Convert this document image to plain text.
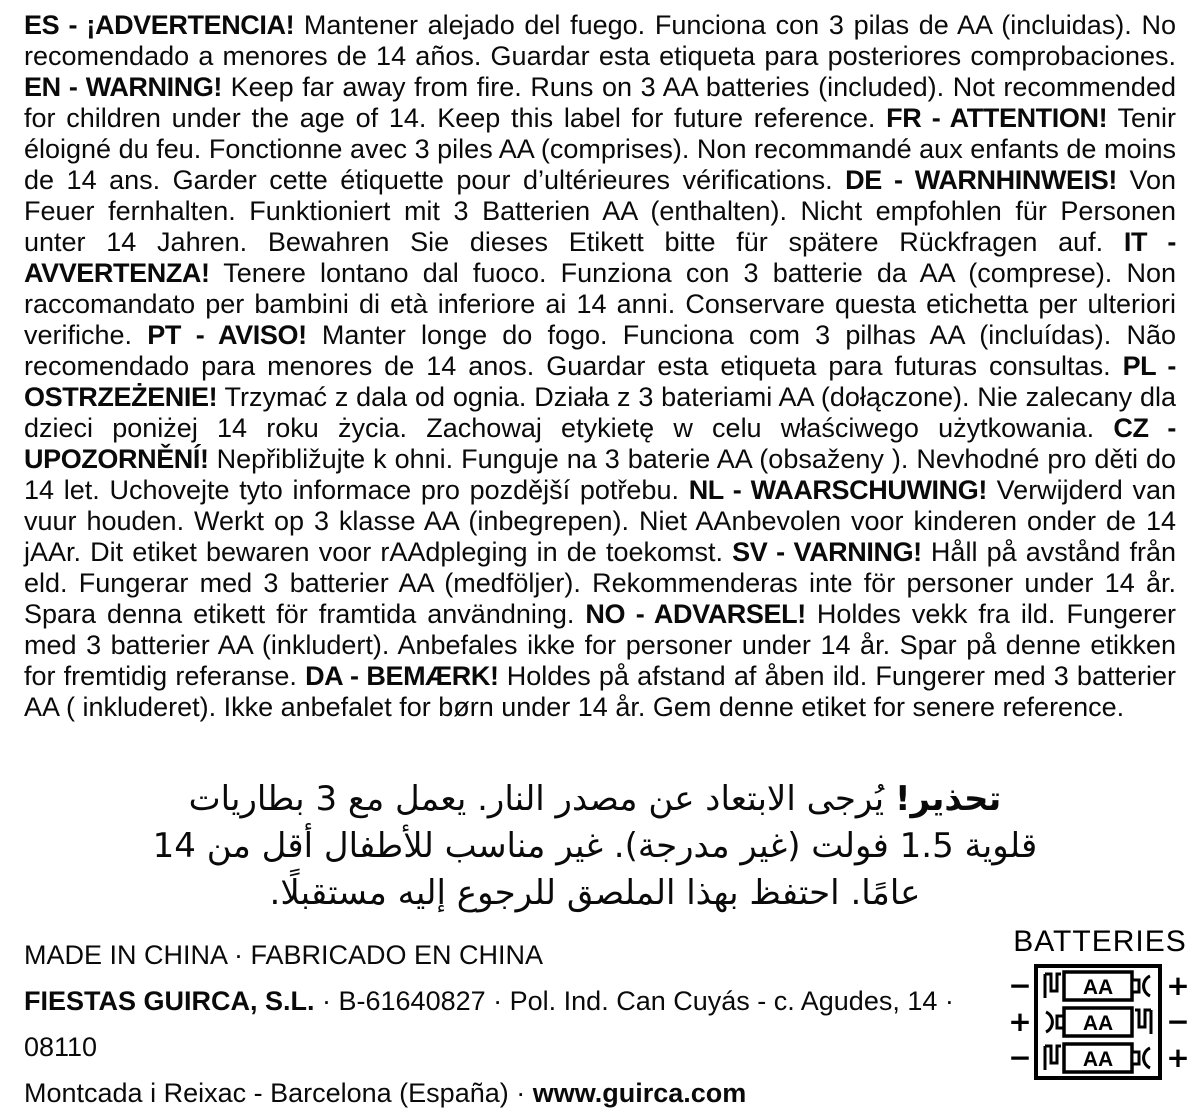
ES - ¡ADVERTENCIA! Mantener alejado del fuego. Funciona con 3 pilas de AA (incluidas). No recomendado a menores de 14 años. Guardar esta etiqueta para posteriores comprobaciones. EN - WARNING! Keep far away from fire. Runs on 3 AA batteries (included). Not recommended for children under the age of 14. Keep this label for future reference. FR - ATTENTION! Tenir éloigné du feu. Fonctionne avec 3 piles AA (comprises). Non recommandé aux enfants de moins de 14 ans. Garder cette étiquette pour d’ultérieures vérifications. DE - WARNHINWEIS! Von Feuer fernhalten. Funktioniert mit 3 Batterien AA (enthalten). Nicht empfohlen für Personen unter 14 Jahren. Bewahren Sie dieses Etikett bitte für spätere Rückfragen auf. IT - AVVERTENZA! Tenere lontano dal fuoco. Funziona con 3 batterie da AA (comprese). Non raccomandato per bambini di età inferiore ai 14 anni. Conservare questa etichetta per ulteriori verifiche. PT - AVISO! Manter longe do fogo. Funciona com 3 pilhas AA (incluídas). Não recomendado para menores de 14 anos. Guardar esta etiqueta para futuras consultas. PL - OSTRZEŻENIE! Trzymać z dala od ognia. Działa z 3 bateriami AA (dołączone). Nie zalecany dla dzieci poniżej 14 roku życia. Zachowaj etykietę w celu właściwego użytkowania. CZ - UPOZORNĚNÍ! Nepřibližujte k ohni. Funguje na 3 baterie AA (obsaženy ). Nevhodné pro děti do 14 let. Uchovejte tyto informace pro pozdější potřebu. NL - WAARSCHUWING! Verwijderd van vuur houden. Werkt op 3 klasse AA (inbegrepen). Niet AAnbevolen voor kinderen onder de 14 jAAr. Dit etiket bewaren voor rAAdpleging in de toekomst. SV - VARNING! Håll på avstånd från eld. Fungerar med 3 batterier AA (medföljer). Rekommenderas inte för personer under 14 år. Spara denna etikett för framtida användning. NO - ADVARSEL! Holdes vekk fra ild. Fungerer med 3 batterier AA (inkludert). Anbefales ikke for personer under 14 år. Spar på denne etikken for fremtidig referanse. DA - BEMÆRK! Holdes på afstand af åben ild. Fungerer med 3 batterier AA ( inkluderet). Ikke anbefalet for børn under 14 år. Gem denne etiket for senere reference.
تحذير! يُرجى الابتعاد عن مصدر النار. يعمل مع 3 بطاريات
قلوية 1.5 فولت (غير مدرجة). غير مناسب للأطفال أقل من 14
عامًا. احتفظ بهذا الملصق للرجوع إليه مستقبلًا.
MADE IN CHINA · FABRICADO EN CHINA
FIESTAS GUIRCA, S.L. · B-61640827 · Pol. Ind. Can Cuyás - c. Agudes, 14 · 08110
Montcada i Reixac - Barcelona (España) · www.guirca.com
BATTERIES
− AA +
+ AA −
− AA +
